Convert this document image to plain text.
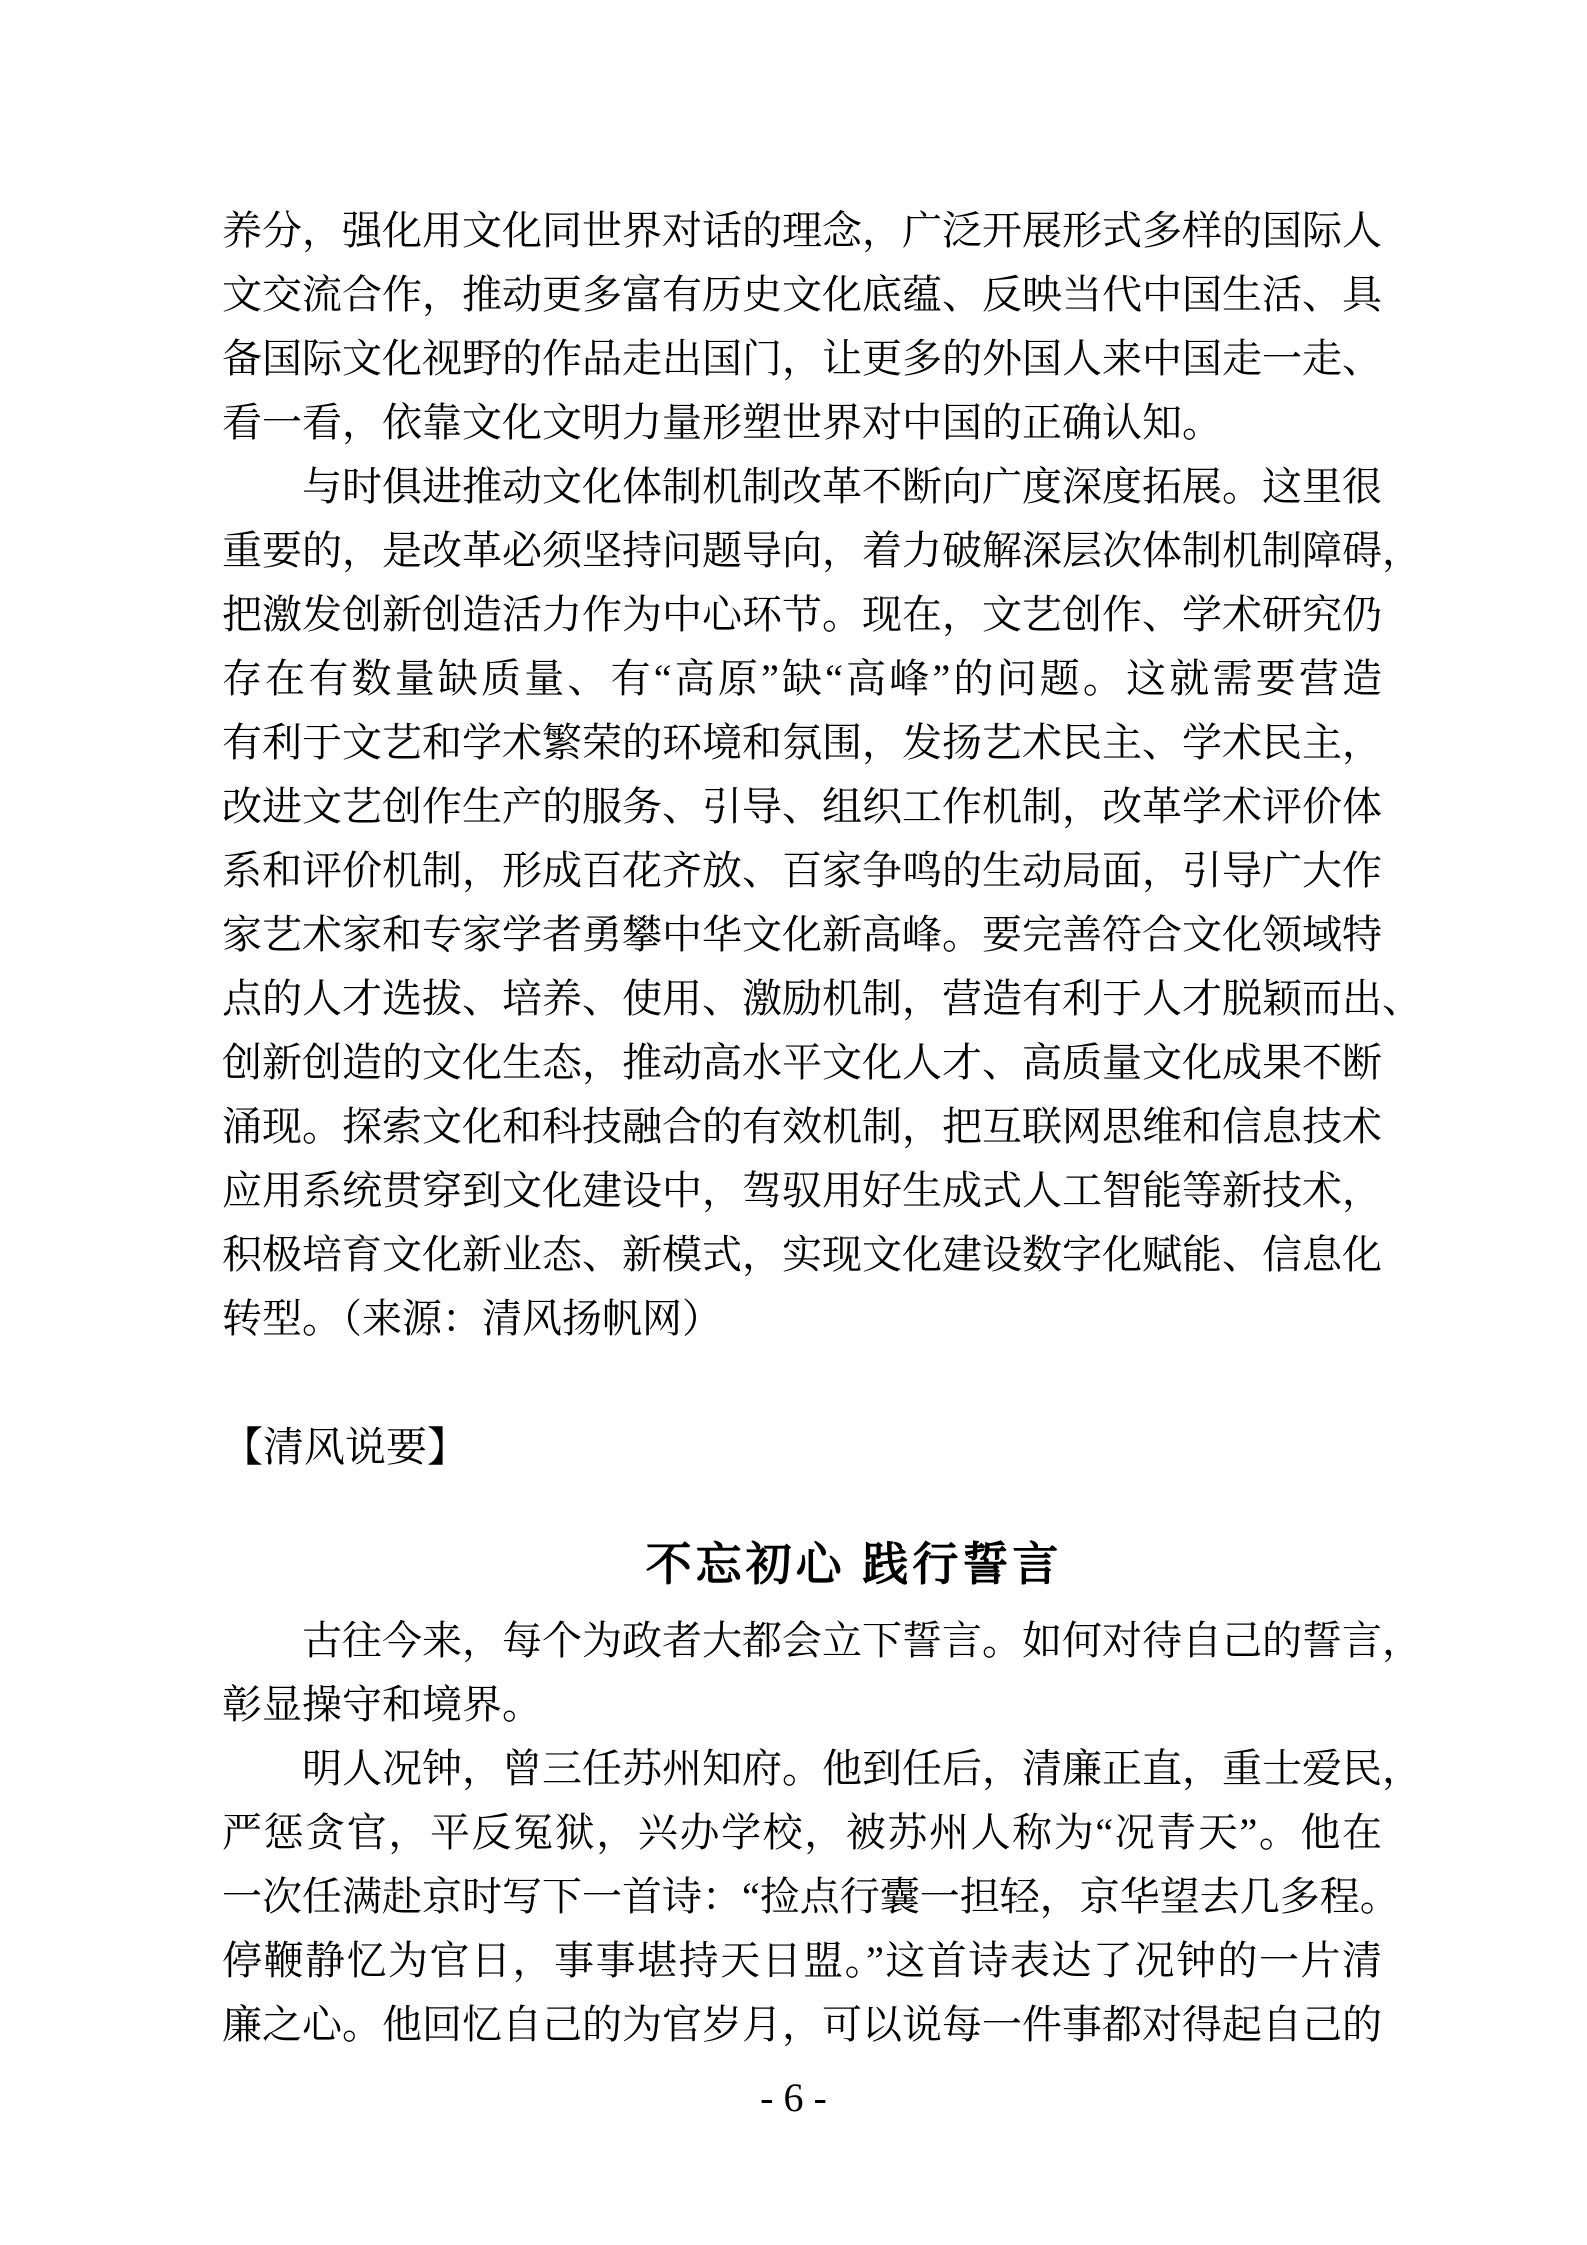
养分，强化用文化同世界对话的理念，广泛开展形式多样的国际人
文交流合作，推动更多富有历史文化底蕴、反映当代中国生活、具
备国际文化视野的作品走出国门，让更多的外国人来中国走一走、
看一看，依靠文化文明力量形塑世界对中国的正确认知。
　　与时俱进推动文化体制机制改革不断向广度深度拓展。这里很
重要的，是改革必须坚持问题导向，着力破解深层次体制机制障碍，
把激发创新创造活力作为中心环节。现在，文艺创作、学术研究仍
存在有数量缺质量、有“高原”缺“高峰”的问题。这就需要营造
有利于文艺和学术繁荣的环境和氛围，发扬艺术民主、学术民主，
改进文艺创作生产的服务、引导、组织工作机制，改革学术评价体
系和评价机制，形成百花齐放、百家争鸣的生动局面，引导广大作
家艺术家和专家学者勇攀中华文化新高峰。要完善符合文化领域特
点的人才选拔、培养、使用、激励机制，营造有利于人才脱颖而出、
创新创造的文化生态，推动高水平文化人才、高质量文化成果不断
涌现。探索文化和科技融合的有效机制，把互联网思维和信息技术
应用系统贯穿到文化建设中，驾驭用好生成式人工智能等新技术，
积极培育文化新业态、新模式，实现文化建设数字化赋能、信息化
转型。（来源：清风扬帆网）
【清风说要】
不忘初心 践行誓言
　　古往今来，每个为政者大都会立下誓言。如何对待自己的誓言，
彰显操守和境界。
　　明人况钟，曾三任苏州知府。他到任后，清廉正直，重士爱民，
严惩贪官，平反冤狱，兴办学校，被苏州人称为“况青天”。他在
一次任满赴京时写下一首诗：“捡点行囊一担轻，京华望去几多程。
停鞭静忆为官日，事事堪持天日盟。”这首诗表达了况钟的一片清
廉之心。他回忆自己的为官岁月，可以说每一件事都对得起自己的
- 6 -
